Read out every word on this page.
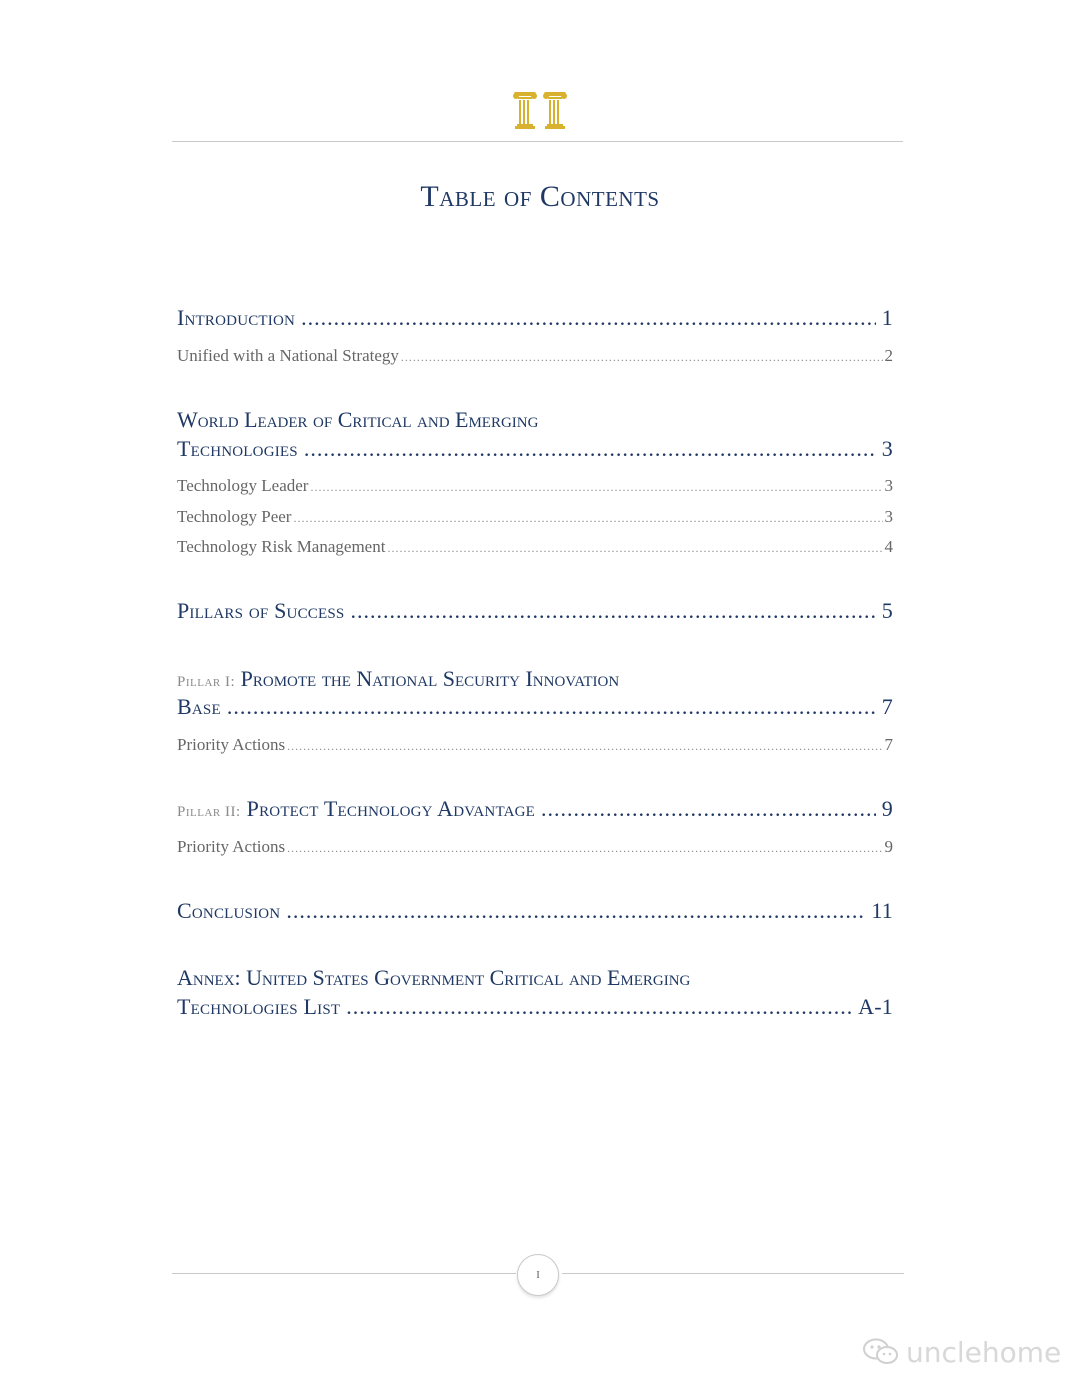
Table of Contents
Introduction .....	1
Unified with a National Strategy .....	2
World Leader of Critical and Emerging
Technologies .....	3
Technology Leader .....	3
Technology Peer .....	3
Technology Risk Management .....	4
Pillars of Success .....	5
Pillar I: Promote the National Security Innovation
Base .....	7
Priority Actions .....	7
Pillar II: Protect Technology Advantage .....	9
Priority Actions .....	9
Conclusion .....	11
Annex: United States Government Critical and Emerging
Technologies List .....	A-1
i
unclehome
